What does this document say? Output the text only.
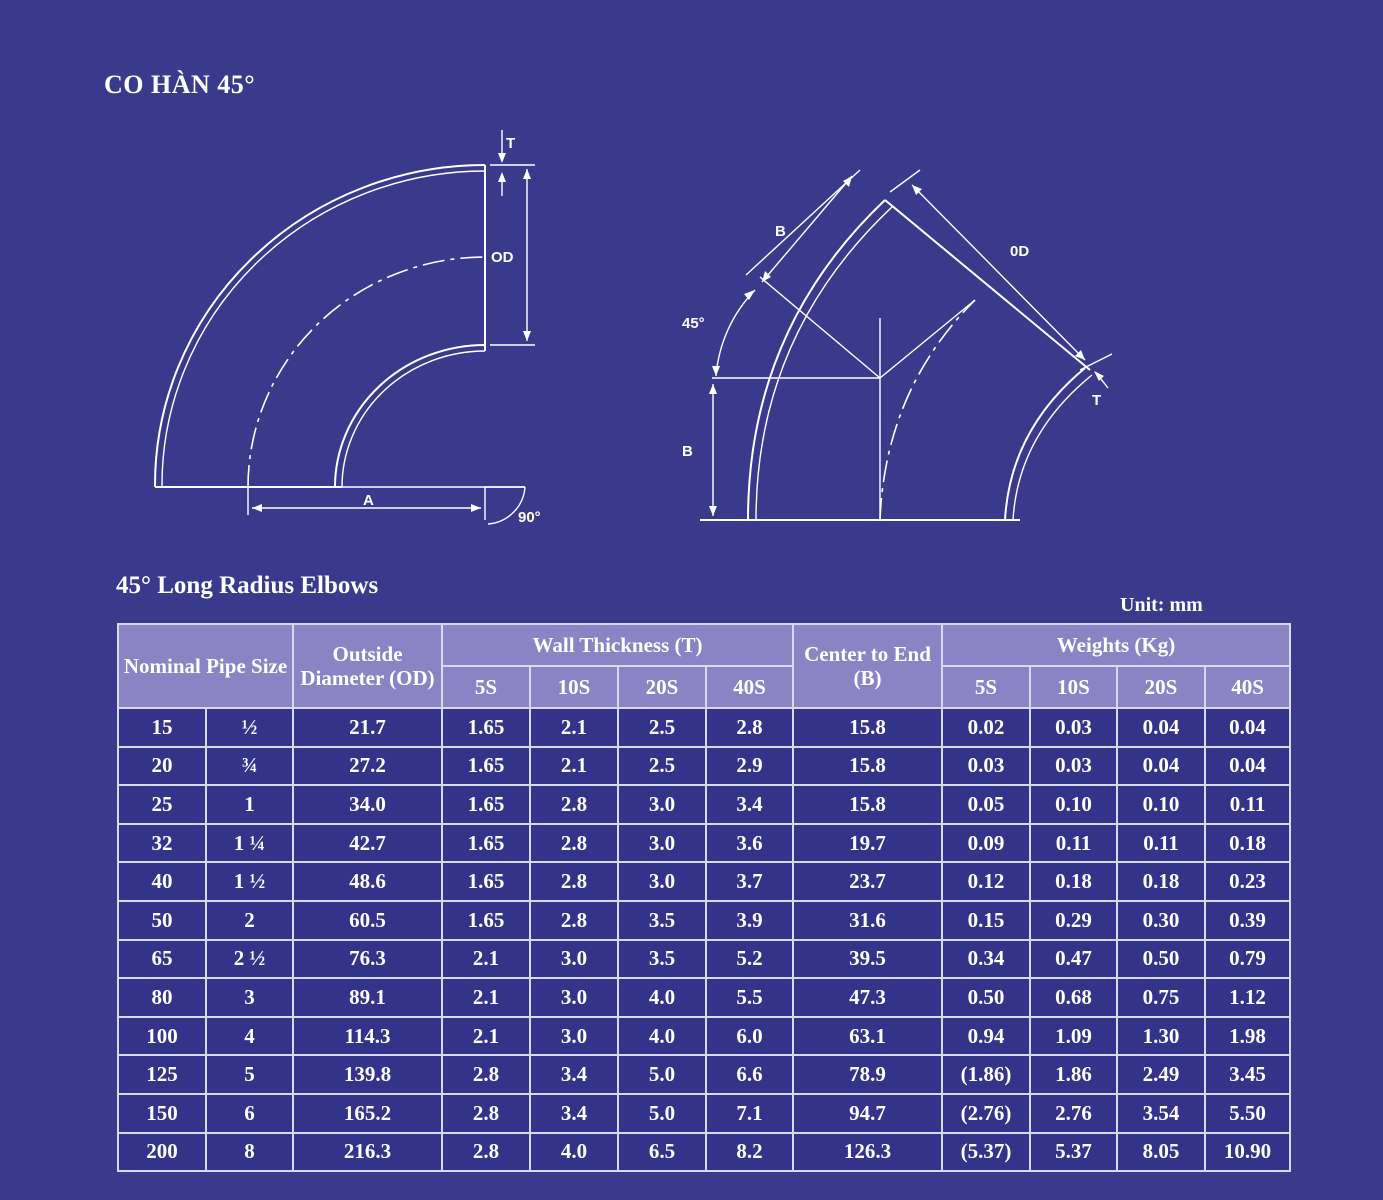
CO HÀN 45°
T
OD
A
90°
B
0D
45°
B
T
45° Long Radius Elbows
Unit: mm
Nominal Pipe Size		Outside Diameter (OD)	Wall Thickness (T)				Center to End (B)	Weights (Kg)			
			5S	10S	20S	40S		5S	10S	20S	40S
15	½	21.7	1.65	2.1	2.5	2.8	15.8	0.02	0.03	0.04	0.04
20	¾	27.2	1.65	2.1	2.5	2.9	15.8	0.03	0.03	0.04	0.04
25	1	34.0	1.65	2.8	3.0	3.4	15.8	0.05	0.10	0.10	0.11
32	1 ¼	42.7	1.65	2.8	3.0	3.6	19.7	0.09	0.11	0.11	0.18
40	1 ½	48.6	1.65	2.8	3.0	3.7	23.7	0.12	0.18	0.18	0.23
50	2	60.5	1.65	2.8	3.5	3.9	31.6	0.15	0.29	0.30	0.39
65	2 ½	76.3	2.1	3.0	3.5	5.2	39.5	0.34	0.47	0.50	0.79
80	3	89.1	2.1	3.0	4.0	5.5	47.3	0.50	0.68	0.75	1.12
100	4	114.3	2.1	3.0	4.0	6.0	63.1	0.94	1.09	1.30	1.98
125	5	139.8	2.8	3.4	5.0	6.6	78.9	(1.86)	1.86	2.49	3.45
150	6	165.2	2.8	3.4	5.0	7.1	94.7	(2.76)	2.76	3.54	5.50
200	8	216.3	2.8	4.0	6.5	8.2	126.3	(5.37)	5.37	8.05	10.90
